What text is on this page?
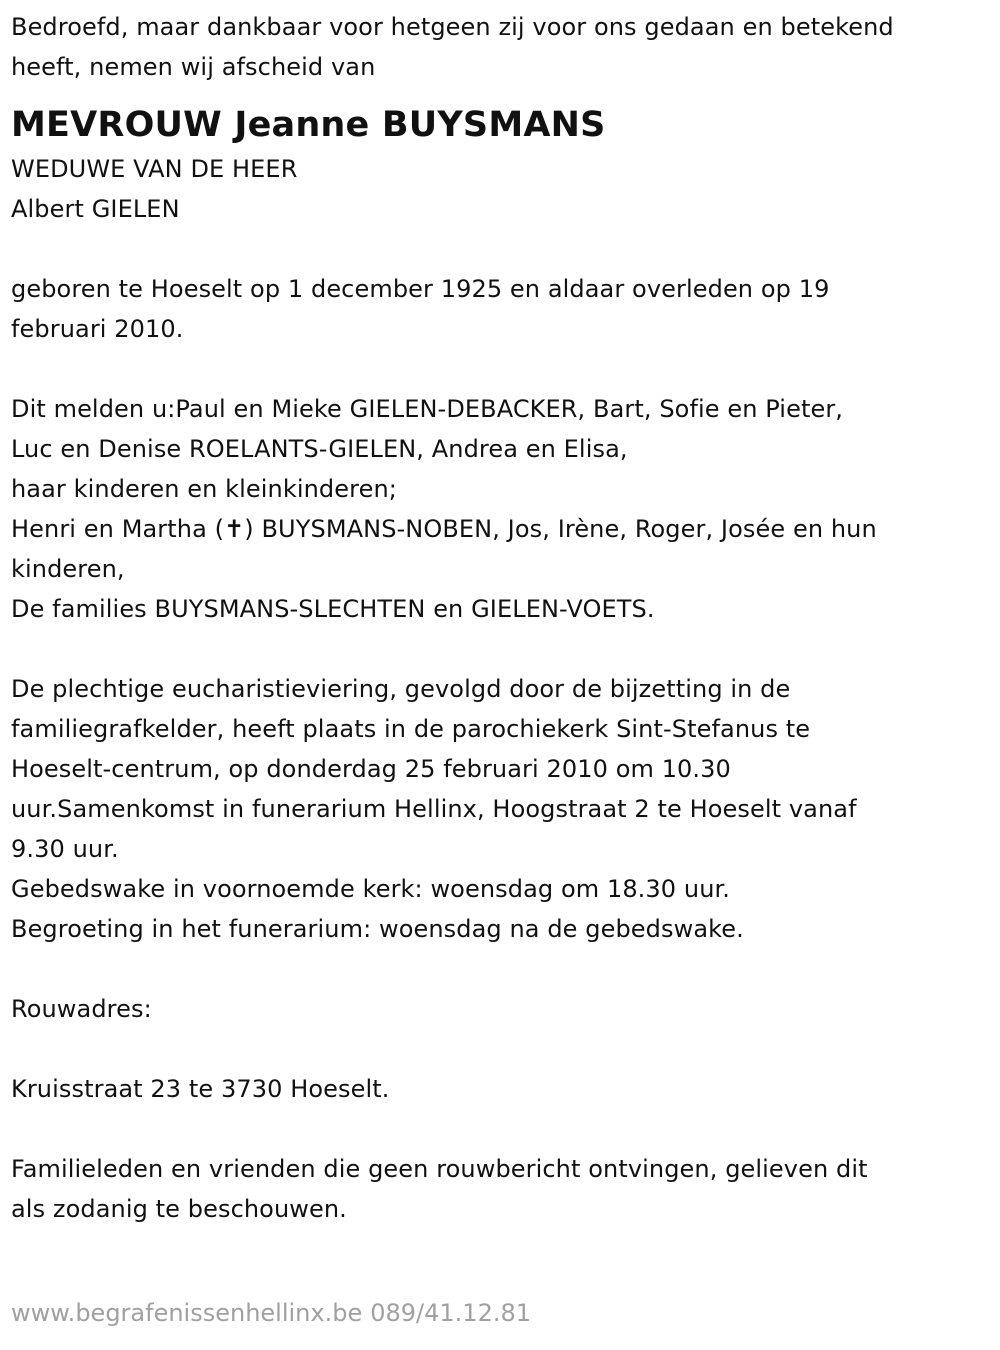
Bedroefd, maar dankbaar voor hetgeen zij voor ons gedaan en betekend
heeft, nemen wij afscheid van
MEVROUW Jeanne BUYSMANS
WEDUWE VAN DE HEER
Albert GIELEN
geboren te Hoeselt op 1 december 1925 en aldaar overleden op 19
februari 2010.
Dit melden u:Paul en Mieke GIELEN-DEBACKER, Bart, Sofie en Pieter,
Luc en Denise ROELANTS-GIELEN, Andrea en Elisa,
haar kinderen en kleinkinderen;
Henri en Martha (✝) BUYSMANS-NOBEN, Jos, Irène, Roger, Josée en hun
kinderen,
De families BUYSMANS-SLECHTEN en GIELEN-VOETS.
De plechtige eucharistieviering, gevolgd door de bijzetting in de
familiegrafkelder, heeft plaats in de parochiekerk Sint-Stefanus te
Hoeselt-centrum, op donderdag 25 februari 2010 om 10.30
uur.Samenkomst in funerarium Hellinx, Hoogstraat 2 te Hoeselt vanaf
9.30 uur.
Gebedswake in voornoemde kerk: woensdag om 18.30 uur.
Begroeting in het funerarium: woensdag na de gebedswake.
Rouwadres:
Kruisstraat 23 te 3730 Hoeselt.
Familieleden en vrienden die geen rouwbericht ontvingen, gelieven dit
als zodanig te beschouwen.
www.begrafenissenhellinx.be 089/41.12.81
